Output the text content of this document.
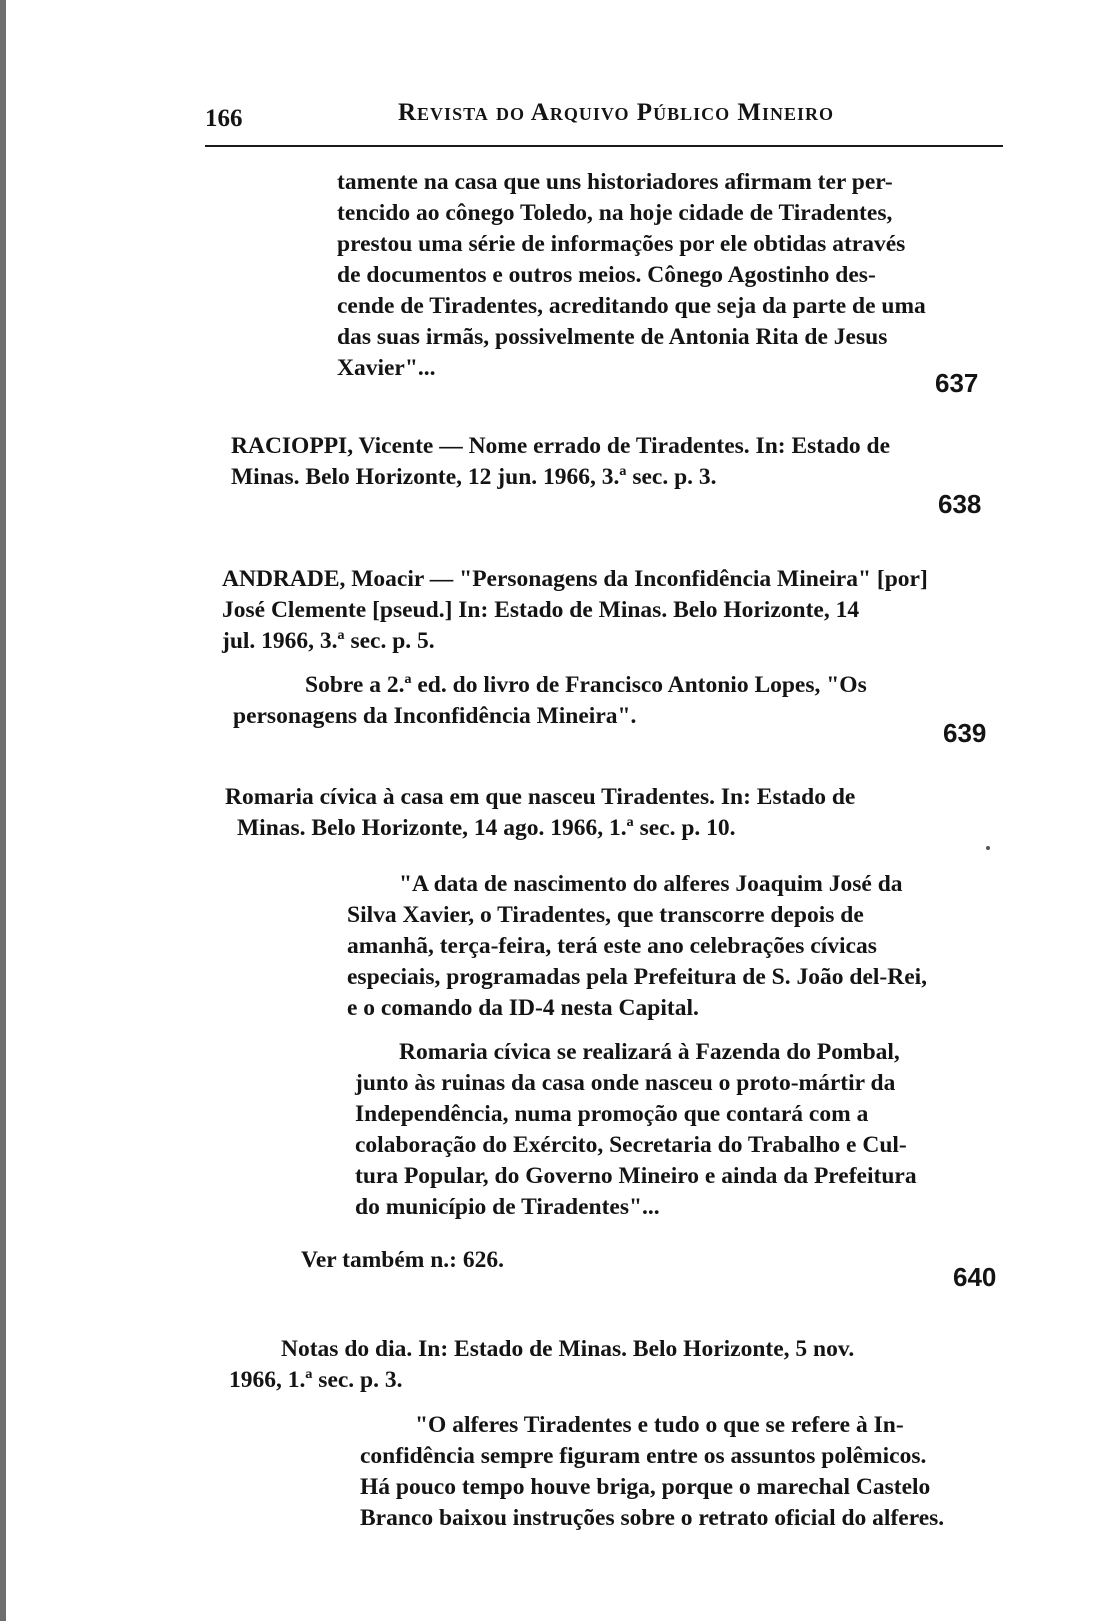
166	Revista do Arquivo Público Mineiro

tamente na casa que uns historiadores afirmam ter per-

tencido ao cônego Toledo, na hoje cidade de Tiradentes,

prestou uma série de informações por ele obtidas através

de documentos e outros meios. Cônego Agostinho des-

cende de Tiradentes, acreditando que seja da parte de uma

das suas irmãs, possivelmente de Antonia Rita de Jesus

Xavier"...	637

RACIOPPI, Vicente — Nome errado de Tiradentes. In: Estado de

Minas. Belo Horizonte, 12 jun. 1966, 3.ª sec. p. 3.

638

ANDRADE, Moacir — "Personagens da Inconfidência Mineira" [por]

José Clemente [pseud.] In: Estado de Minas. Belo Horizonte, 14

jul. 1966, 3.ª sec. p. 5.

Sobre a 2.ª ed. do livro de Francisco Antonio Lopes, "Os

personagens da Inconfidência Mineira".

639

Romaria cívica à casa em que nasceu Tiradentes. In: Estado de

Minas. Belo Horizonte, 14 ago. 1966, 1.ª sec. p. 10.

"A data de nascimento do alferes Joaquim José da

Silva Xavier, o Tiradentes, que transcorre depois de

amanhã, terça-feira, terá este ano celebrações cívicas

especiais, programadas pela Prefeitura de S. João del-Rei,

e o comando da ID-4 nesta Capital.

Romaria cívica se realizará à Fazenda do Pombal,

junto às ruinas da casa onde nasceu o proto-mártir da

Independência, numa promoção que contará com a

colaboração do Exército, Secretaria do Trabalho e Cul-

tura Popular, do Governo Mineiro e ainda da Prefeitura

do município de Tiradentes"...

Ver também n.: 626.

640

Notas do dia. In: Estado de Minas. Belo Horizonte, 5 nov.

1966, 1.ª sec. p. 3.

"O alferes Tiradentes e tudo o que se refere à In-

confidência sempre figuram entre os assuntos polêmicos.

Há pouco tempo houve briga, porque o marechal Castelo

Branco baixou instruções sobre o retrato oficial do alferes.
